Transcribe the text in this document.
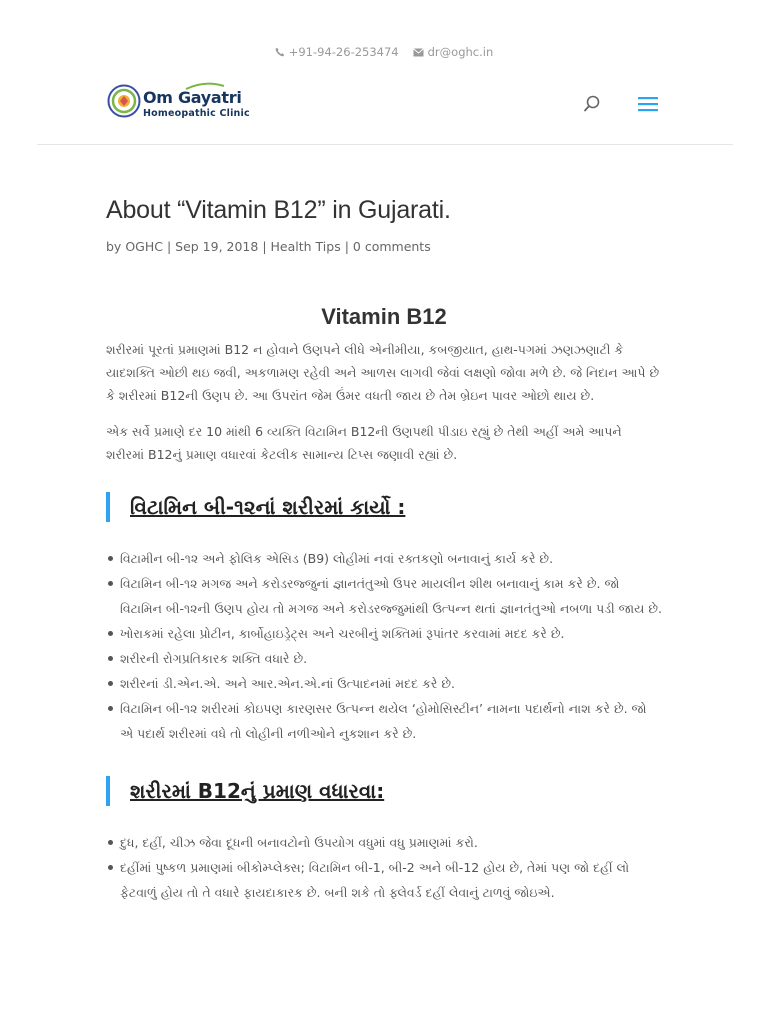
+91-94-26-253474	dr@oghc.in
Om Gayatri
Homeopathic Clinic
About “Vitamin B12” in Gujarati.
by OGHC | Sep 19, 2018 | Health Tips | 0 comments
Vitamin B12

શરીરમાં પૂરતાં પ્રમાણમાં B12 ન હોવાને ઉણપને લીધે એનીમીયા, કબજીયાત, હાથ-પગમાં ઝણઝણાટી કે યાદશક્તિ ઓછી થઇ જવી, અકળામણ રહેવી અને આળસ લાગવી જેવાં લક્ષણો જોવા મળે છે. જે નિદાન આપે છે કે શરીરમાં B12ની ઉણપ છે. આ ઉપરાંત જેમ ઉંમર વધતી જાય છે તેમ બ્રેઇન પાવર ઓછો થાય છે.

એક સર્વે પ્રમાણે દર 10 માંથી 6 વ્યક્તિ વિટામિન B12ની ઉણપથી પીડાઇ રહ્યું છે તેથી અહીં અમે આપને શરીરમાં B12નું પ્રમાણ વધારવાં કેટલીક સામાન્ય ટિપ્સ જણાવી રહ્યાં છે.

વિટામિન બી-૧૨નાં શરીરમાં કાર્યો :
વિટામીન બી-૧૨ અને ફોલિક એસિડ (B9) લોહીમાં નવાં રક્તકણો બનાવાનું કાર્ય કરે છે.
વિટામિન બી-૧૨ મગજ અને કરોડરજ્જુનાં જ્ઞાનતંતુઓ ઉપર માયલીન શીથ બનાવાનું કામ કરે છે. જો વિટામિન બી-૧૨ની ઉણપ હોય તો મગજ અને કરોડરજ્જુમાંથી ઉત્પન્ન થતાં જ્ઞાનતંતુઓ નબળા પડી જાય છે.
ખોરાકમાં રહેલા પ્રોટીન, કાર્બોહાઇડ્રેટ્સ અને ચરબીનું શક્તિમાં રૂપાંતર કરવામાં મદદ કરે છે.
શરીરની રોગપ્રતિકારક શક્તિ વધારે છે.
શરીરનાં ડી.એન.એ. અને આર.એન.એ.નાં ઉત્પાદનમાં મદદ કરે છે.
વિટામિન બી-૧૨ શરીરમાં કોઇપણ કારણસર ઉત્પન્ન થયેલ ‘હોમોસિસ્ટીન’ નામના પદાર્થનો નાશ કરે છે. જો એ પદાર્થ શરીરમાં વધે તો લોહીની નળીઓને નુકશાન કરે છે.
શરીરમાં B12નું પ્રમાણ વધારવા:
દુધ, દહીં, ચીઝ જેવા દૂધની બનાવટોનો ઉપયોગ વધુમાં વધુ પ્રમાણમાં કરો.
દહીંમાં પુષ્કળ પ્રમાણમાં બીકોમ્પ્લેક્સ; વિટામિન બી-1, બી-2 અને બી-12 હોય છે, તેમાં પણ જો દહીં લો ફેટવાળું હોય તો તે વધારે ફાયદાકારક છે. બની શકે તો ફ્લેવર્ડ દહીં લેવાનું ટાળવું જોઇએ.
